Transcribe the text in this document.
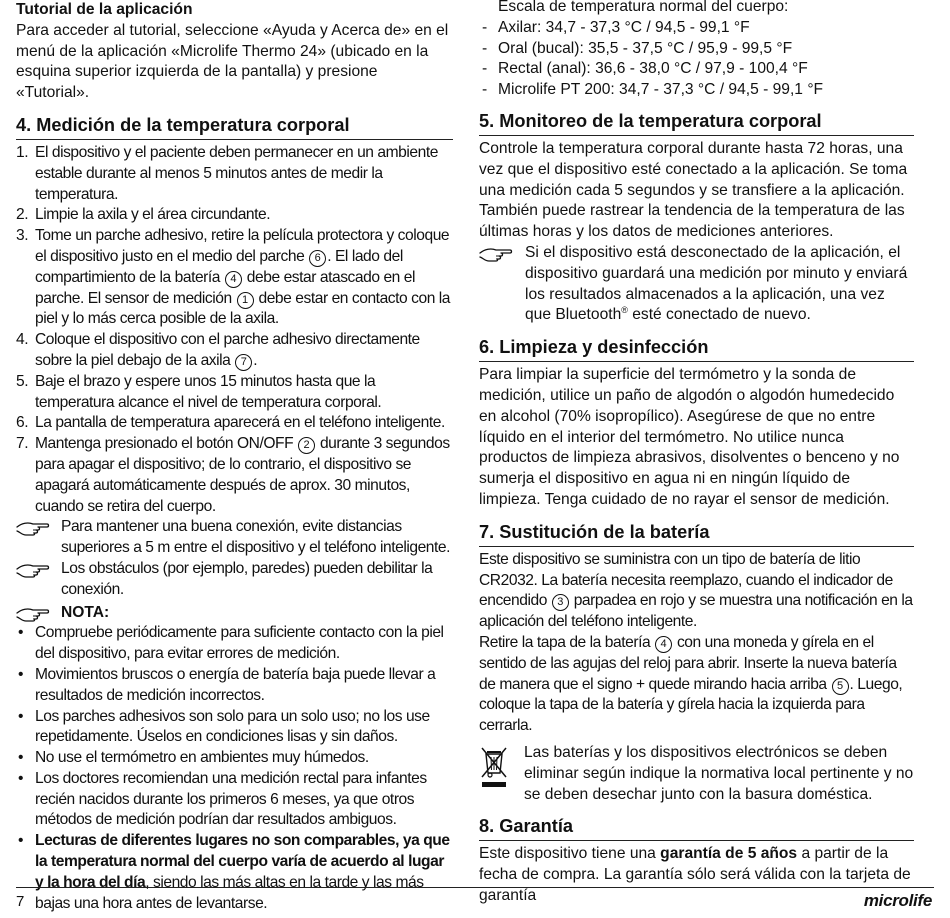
Tutorial de la aplicación

Para acceder al tutorial, seleccione «Ayuda y Acerca de» en el menú de la aplicación «Microlife Thermo 24» (ubicado en la esquina superior izquierda de la pantalla) y presione «Tutorial».

4. Medición de la temperatura corporal
1. El dispositivo y el paciente deben permanecer en un ambiente estable durante al menos 5 minutos antes de medir la temperatura.
2. Limpie la axila y el área circundante.
3. Tome un parche adhesivo, retire la película protectora y coloque el dispositivo justo en el medio del parche 6 . El lado del compartimiento de la batería 4 debe estar atascado en el parche. El sensor de medición 1 debe estar en contacto con la piel y lo más cerca posible de la axila.
4. Coloque el dispositivo con el parche adhesivo directamente sobre la piel debajo de la axila 7 .
5. Baje el brazo y espere unos 15 minutos hasta que la temperatura alcance el nivel de temperatura corporal.
6. La pantalla de temperatura aparecerá en el teléfono inteligente.
7. Mantenga presionado el botón ON/OFF 2 durante 3 segundos para apagar el dispositivo; de lo contrario, el dispositivo se apagará automáticamente después de aprox. 30 minutos, cuando se retira del cuerpo.
Para mantener una buena conexión, evite distancias superiores a 5 m entre el dispositivo y el teléfono inteligente.
Los obstáculos (por ejemplo, paredes) pueden debilitar la conexión.
NOTA:
• Compruebe periódicamente para suficiente contacto con la piel del dispositivo, para evitar errores de medición.
• Movimientos bruscos o energía de batería baja puede llevar a resultados de medición incorrectos.
• Los parches adhesivos son solo para un solo uso; no los use repetidamente. Úselos en condiciones lisas y sin daños.
• No use el termómetro en ambientes muy húmedos.
• Los doctores recomiendan una medición rectal para infantes recién nacidos durante los primeros 6 meses, ya que otros métodos de medición podrían dar resultados ambiguos.
• Lecturas de diferentes lugares no son comparables, ya que la temperatura normal del cuerpo varía de acuerdo al lugar y la hora del día, siendo las más altas en la tarde y las más bajas una hora antes de levantarse.

Escala de temperatura normal del cuerpo:

- Axilar: 34,7 - 37,3 °C / 94,5 - 99,1 °F
- Oral (bucal): 35,5 - 37,5 °C / 95,9 - 99,5 °F
- Rectal (anal): 36,6 - 38,0 °C / 97,9 - 100,4 °F
- Microlife PT 200: 34,7 - 37,3 °C / 94,5 - 99,1 °F
5. Monitoreo de la temperatura corporal

Controle la temperatura corporal durante hasta 72 horas, una vez que el dispositivo esté conectado a la aplicación. Se toma una medición cada 5 segundos y se transfiere a la aplicación. También puede rastrear la tendencia de la temperatura de las últimas horas y los datos de mediciones anteriores.

Si el dispositivo está desconectado de la aplicación, el dispositivo guardará una medición por minuto y enviará los resultados almacenados a la aplicación, una vez que Bluetooth® esté conectado de nuevo.
6. Limpieza y desinfección

Para limpiar la superficie del termómetro y la sonda de medición, utilice un paño de algodón o algodón humedecido en alcohol (70% isopropílico). Asegúrese de que no entre líquido en el interior del termómetro. No utilice nunca productos de limpieza abrasivos, disolventes o benceno y no sumerja el dispositivo en agua ni en ningún líquido de limpieza. Tenga cuidado de no rayar el sensor de medición.

7. Sustitución de la batería

Este dispositivo se suministra con un tipo de batería de litio CR2032. La batería necesita reemplazo, cuando el indicador de encendido 3 parpadea en rojo y se muestra una notificación en la aplicación del teléfono inteligente.

Retire la tapa de la batería 4 con una moneda y gírela en el sentido de las agujas del reloj para abrir. Inserte la nueva batería de manera que el signo + quede mirando hacia arriba 5 . Luego, coloque la tapa de la batería y gírela hacia la izquierda para cerrarla.

Las baterías y los dispositivos electrónicos se deben eliminar según indique la normativa local pertinente y no se deben desechar junto con la basura doméstica.
8. Garantía

Este dispositivo tiene una garantía de 5 años a partir de la fecha de compra. La garantía sólo será válida con la tarjeta de garantía

7	microlife
